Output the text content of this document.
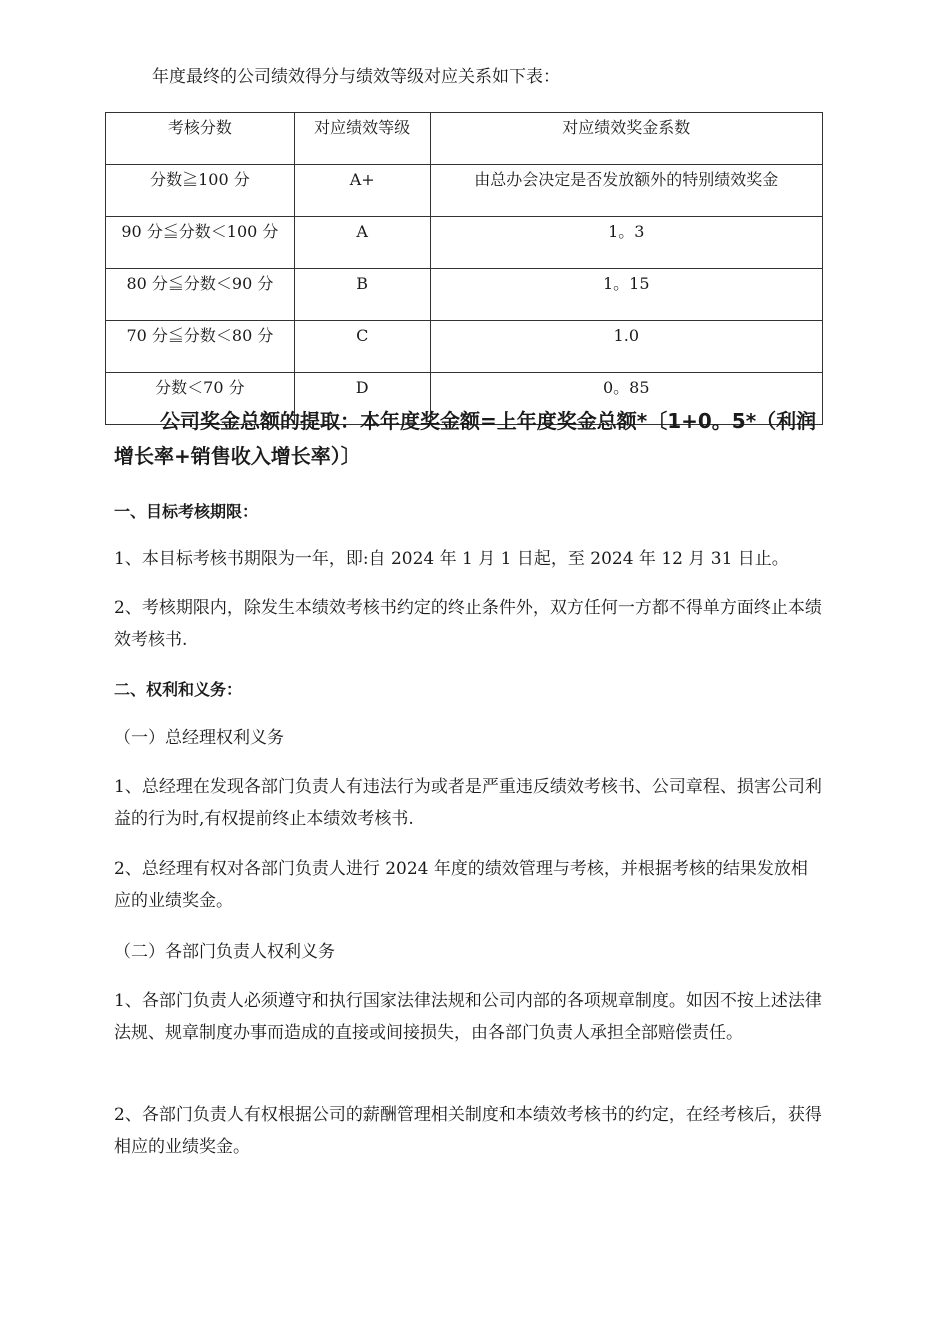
年度最终的公司绩效得分与绩效等级对应关系如下表：
考核分数	对应绩效等级	对应绩效奖金系数
分数≧100 分	A+	由总办会决定是否发放额外的特别绩效奖金
90 分≦分数＜100 分	A	1。3
80 分≦分数＜90 分	B	1。15
70 分≦分数＜80 分	C	1.0
分数＜70 分	D	0。85
公司奖金总额的提取：本年度奖金额=上年度奖金总额*〔1+0。5*（利润增长率+销售收入增长率）〕
一、目标考核期限：
1、本目标考核书期限为一年，即:自 2024 年 1 月 1 日起，至 2024 年 12 月 31 日止。
2、考核期限内，除发生本绩效考核书约定的终止条件外，双方任何一方都不得单方面终止本绩效考核书.
二、权利和义务：
（一）总经理权利义务
1、总经理在发现各部门负责人有违法行为或者是严重违反绩效考核书、公司章程、损害公司利益的行为时,有权提前终止本绩效考核书.
2、总经理有权对各部门负责人进行 2024 年度的绩效管理与考核，并根据考核的结果发放相应的业绩奖金。
（二）各部门负责人权利义务
1、各部门负责人必须遵守和执行国家法律法规和公司内部的各项规章制度。如因不按上述法律法规、规章制度办事而造成的直接或间接损失，由各部门负责人承担全部赔偿责任。
2、各部门负责人有权根据公司的薪酬管理相关制度和本绩效考核书的约定，在经考核后，获得相应的业绩奖金。
